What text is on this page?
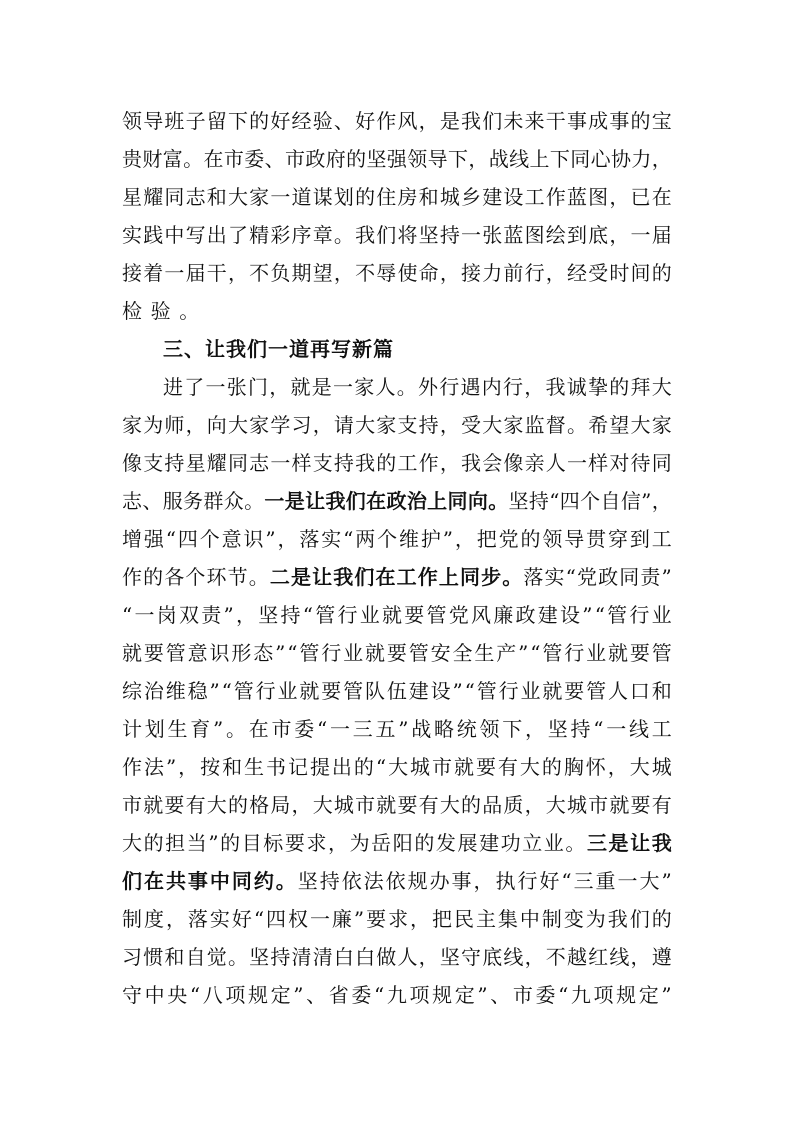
领 导 班 子 留 下 的 好 经 验 、 好 作 风 ， 是 我 们 未 来 干 事 成 事 的 宝
贵 财 富 。 在 市 委 、 市 政 府 的 坚 强 领 导 下 ， 战 线 上 下 同 心 协 力 ，
星 耀 同 志 和 大 家 一 道 谋 划 的 住 房 和 城 乡 建 设 工 作 蓝 图 ， 已 在
实 践 中 写 出 了 精 彩 序 章 。 我 们 将 坚 持 一 张 蓝 图 绘 到 底 ， 一 届
接 着 一 届 干 ， 不 负 期 望 ， 不 辱 使 命 ， 接 力 前 行 ， 经 受 时 间 的
检验。
三、让我们一道再写新篇
进 了 一 张 门 ， 就 是 一 家 人 。 外 行 遇 内 行 ， 我 诚 挚 的 拜 大
家 为 师 ， 向 大 家 学 习 ， 请 大 家 支 持 ， 受 大 家 监 督 。 希 望 大 家
像 支 持 星 耀 同 志 一 样 支 持 我 的 工 作 ， 我 会 像 亲 人 一 样 对 待 同
志 、 服 务 群 众 。 一 是 让 我 们 在 政 治 上 同 向 。 坚 持 “ 四 个 自 信 ” ，
增 强 “ 四 个 意 识 ” ， 落 实 “ 两 个 维 护 ” ， 把 党 的 领 导 贯 穿 到 工
作 的 各 个 环 节 。 二 是 让 我 们 在 工 作 上 同 步 。 落 实 “ 党 政 同 责 ”
“ 一 岗 双 责 ” ， 坚 持 “ 管 行 业 就 要 管 党 风 廉 政 建 设 ” “ 管 行 业
就 要 管 意 识 形 态 ” “ 管 行 业 就 要 管 安 全 生 产 ” “ 管 行 业 就 要 管
综 治 维 稳 ” “ 管 行 业 就 要 管 队 伍 建 设 ” “ 管 行 业 就 要 管 人 口 和
计 划 生 育 ” 。 在 市 委 “ 一 三 五 ” 战 略 统 领 下 ， 坚 持 “ 一 线 工
作 法 ” ， 按 和 生 书 记 提 出 的 “ 大 城 市 就 要 有 大 的 胸 怀 ， 大 城
市 就 要 有 大 的 格 局 ， 大 城 市 就 要 有 大 的 品 质 ， 大 城 市 就 要 有
大 的 担 当 ” 的 目 标 要 求 ， 为 岳 阳 的 发 展 建 功 立 业 。 三 是 让 我
们 在 共 事 中 同 约 。 坚 持 依 法 依 规 办 事 ， 执 行 好 “ 三 重 一 大 ”
制 度 ， 落 实 好 “ 四 权 一 廉 ” 要 求 ， 把 民 主 集 中 制 变 为 我 们 的
习 惯 和 自 觉 。 坚 持 清 清 白 白 做 人 ， 坚 守 底 线 ， 不 越 红 线 ， 遵
守 中 央 “ 八 项 规 定 ” 、 省 委 “ 九 项 规 定 ” 、 市 委 “ 九 项 规 定 ”
